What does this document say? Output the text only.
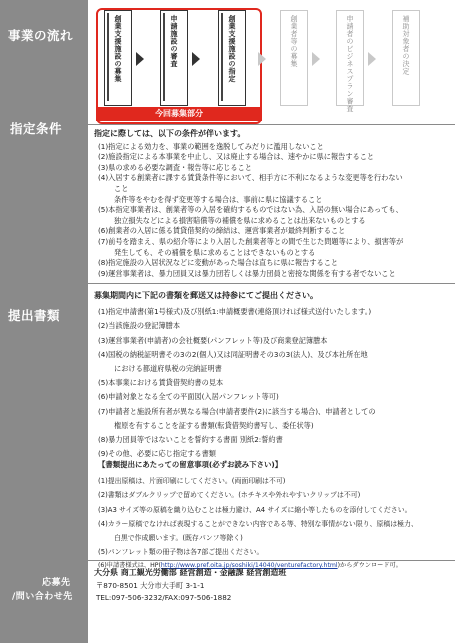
事業の流れ
指定条件
提出書類
応募先
/問い合わせ先
今回募集部分
創業支援施設の募集	申請施設の審査	創業支援施設の指定	創業者等の募集	申請者のビジネスプラン審査	補助対象者の決定
指定に際しては、以下の条件が伴います。
(1)指定による効力を、事業の範囲を逸脱してみだりに濫用しないこと
(2)施設指定による本事業を中止し、又は廃止する場合は、速やかに県に報告すること
(3)県の求める必要な調査・報告等に応じること
(4)入居する創業者に課する賃貸条件等において、相手方に不利になるような変更等を行わない
こと
条件等をやむを得ず変更等する場合は、事前に県に協議すること
(5)本指定事業者は、創業者等の入居を確約するものではない為、入居の無い場合にあっても、
独立損失などによる損害賠償等の補償を県に求めることは出来ないものとする
(6)創業者の入居に係る賃貸借契約の締結は、運営事業者が最終判断すること
(7)前号を踏まえ、県の紹介等により入居した創業者等との間で生じた問題等により、損害等が
発生しても、その補償を県に求めることはできないものとする
(8)指定施設の入居状況などに変動があった場合は直ちに県に報告すること
(9)運営事業者は、暴力団員又は暴力団若しくは暴力団員と密接な関係を有する者でないこと
募集期間内に下記の書類を郵送又は持参にてご提出ください。
(1)指定申請書(第1号様式)及び別紙1:申請概要書(連絡頂ければ様式送付いたします。)
(2)当該施設の登記簿謄本
(3)運営事業者(申請者)の会社概要(パンフレット等)及び商業登記簿謄本
(4)国税の納税証明書その3の2(個人)又は同証明書その3の3(法人)、及び本社所在地
における都道府県税の完納証明書
(5)本事業における賃貸借契約書の見本
(6)申請対象となる全ての平面図(入居パンフレット等可)
(7)申請者と施設所有者が異なる場合(申請者要件(2)に該当する場合)、申請者としての
権原を有することを証する書類(転貸借契約書写し、委任状等)
(8)暴力団員等ではないことを誓約する書面 別紙2:誓約書
(9)その他、必要に応じ指定する書類
【書類提出にあたっての留意事項(必ずお読み下さい)】
(1)提出原稿は、片面印刷にしてください。(両面印刷は不可)
(2)書類はダブルクリップで留めてください。(ホチキスや外れやすいクリップは不可)
(3)A3 サイズ等の原稿を織り込むことは極力避け、A4 サイズに縮小等したものを添付してください。
(4)カラー原稿でなければ表現することができない内容である等、特別な事情がない限り、原稿は極力、
白黒で作成願います。(既存パンフ等除く)
(5)パンフレット類の冊子物は各7部ご提出ください。
(6)申請書様式は、HP(http://www.pref.oita.jp/soshiki/14040/venturefactory.html)からダウンロード可。
大分県 商工観光労働部 経営創造・金融課 経営創造班
〒870-8501 大分市大手町 3-1-1
TEL:097-506-3232/FAX:097-506-1882
